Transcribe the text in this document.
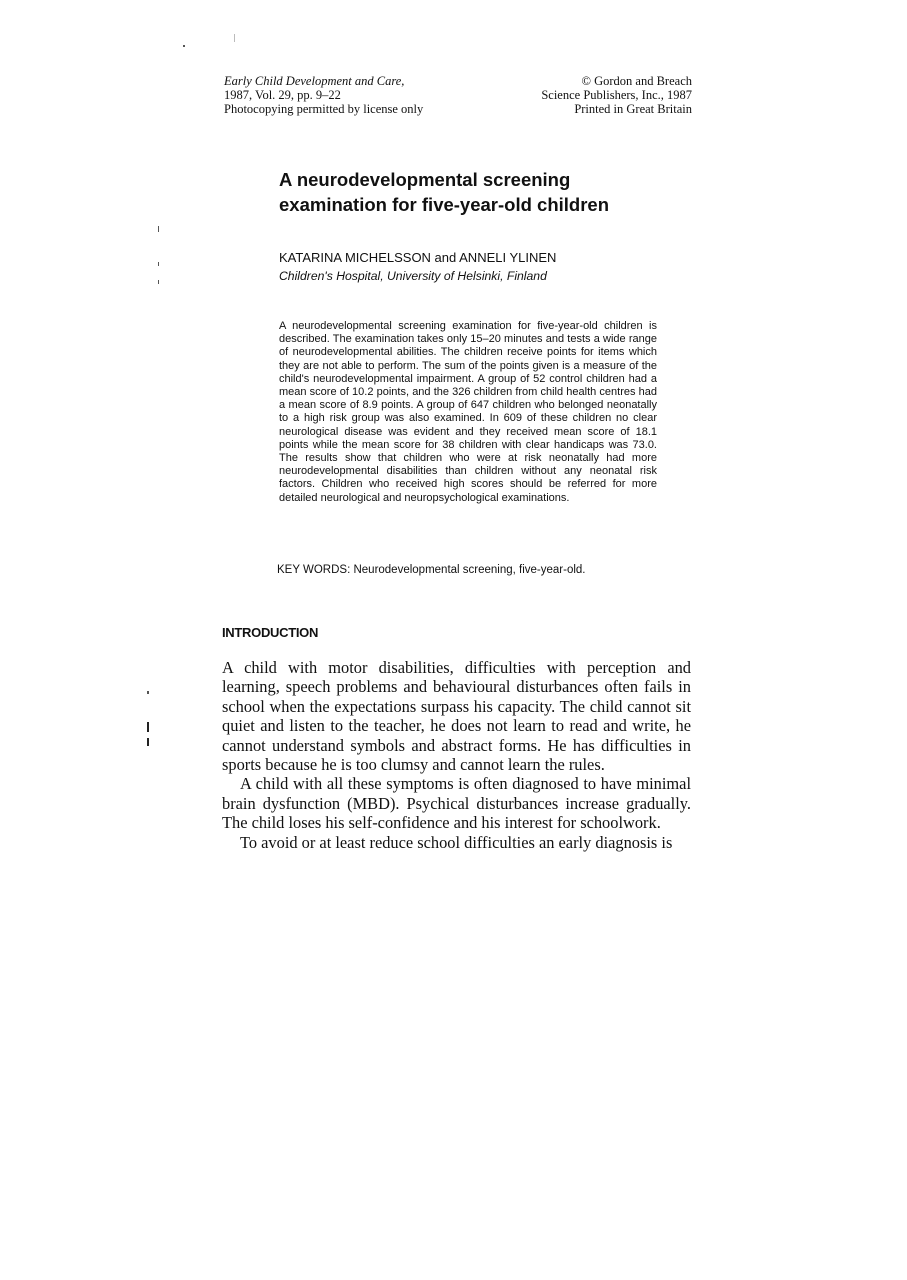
Early Child Development and Care,
1987, Vol. 29, pp. 9–22
Photocopying permitted by license only
© Gordon and Breach
Science Publishers, Inc., 1987
Printed in Great Britain
A neurodevelopmental screening
examination for five-year-old children
KATARINA MICHELSSON and ANNELI YLINEN
Children's Hospital, University of Helsinki, Finland
A neurodevelopmental screening examination for five-year-old children is described. The examination takes only 15–20 minutes and tests a wide range of neurodevelopmental abilities. The children receive points for items which they are not able to perform. The sum of the points given is a measure of the child's neurodevelopmental impairment. A group of 52 control children had a mean score of 10.2 points, and the 326 children from child health centres had a mean score of 8.9 points. A group of 647 children who belonged neonatally to a high risk group was also examined. In 609 of these children no clear neurological disease was evident and they received mean score of 18.1 points while the mean score for 38 children with clear handicaps was 73.0. The results show that children who were at risk neonatally had more neurodevelopmental disabilities than children without any neonatal risk factors. Children who received high scores should be referred for more detailed neurological and neuropsychological examinations.
KEY WORDS: Neurodevelopmental screening, five-year-old.
INTRODUCTION

A child with motor disabilities, difficulties with perception and learning, speech problems and behavioural disturbances often fails in school when the expectations surpass his capacity. The child cannot sit quiet and listen to the teacher, he does not learn to read and write, he cannot understand symbols and abstract forms. He has difficulties in sports because he is too clumsy and cannot learn the rules.

A child with all these symptoms is often diagnosed to have minimal brain dysfunction (MBD). Psychical disturbances increase gradually. The child loses his self-confidence and his interest for schoolwork.

To avoid or at least reduce school difficulties an early diagnosis is
